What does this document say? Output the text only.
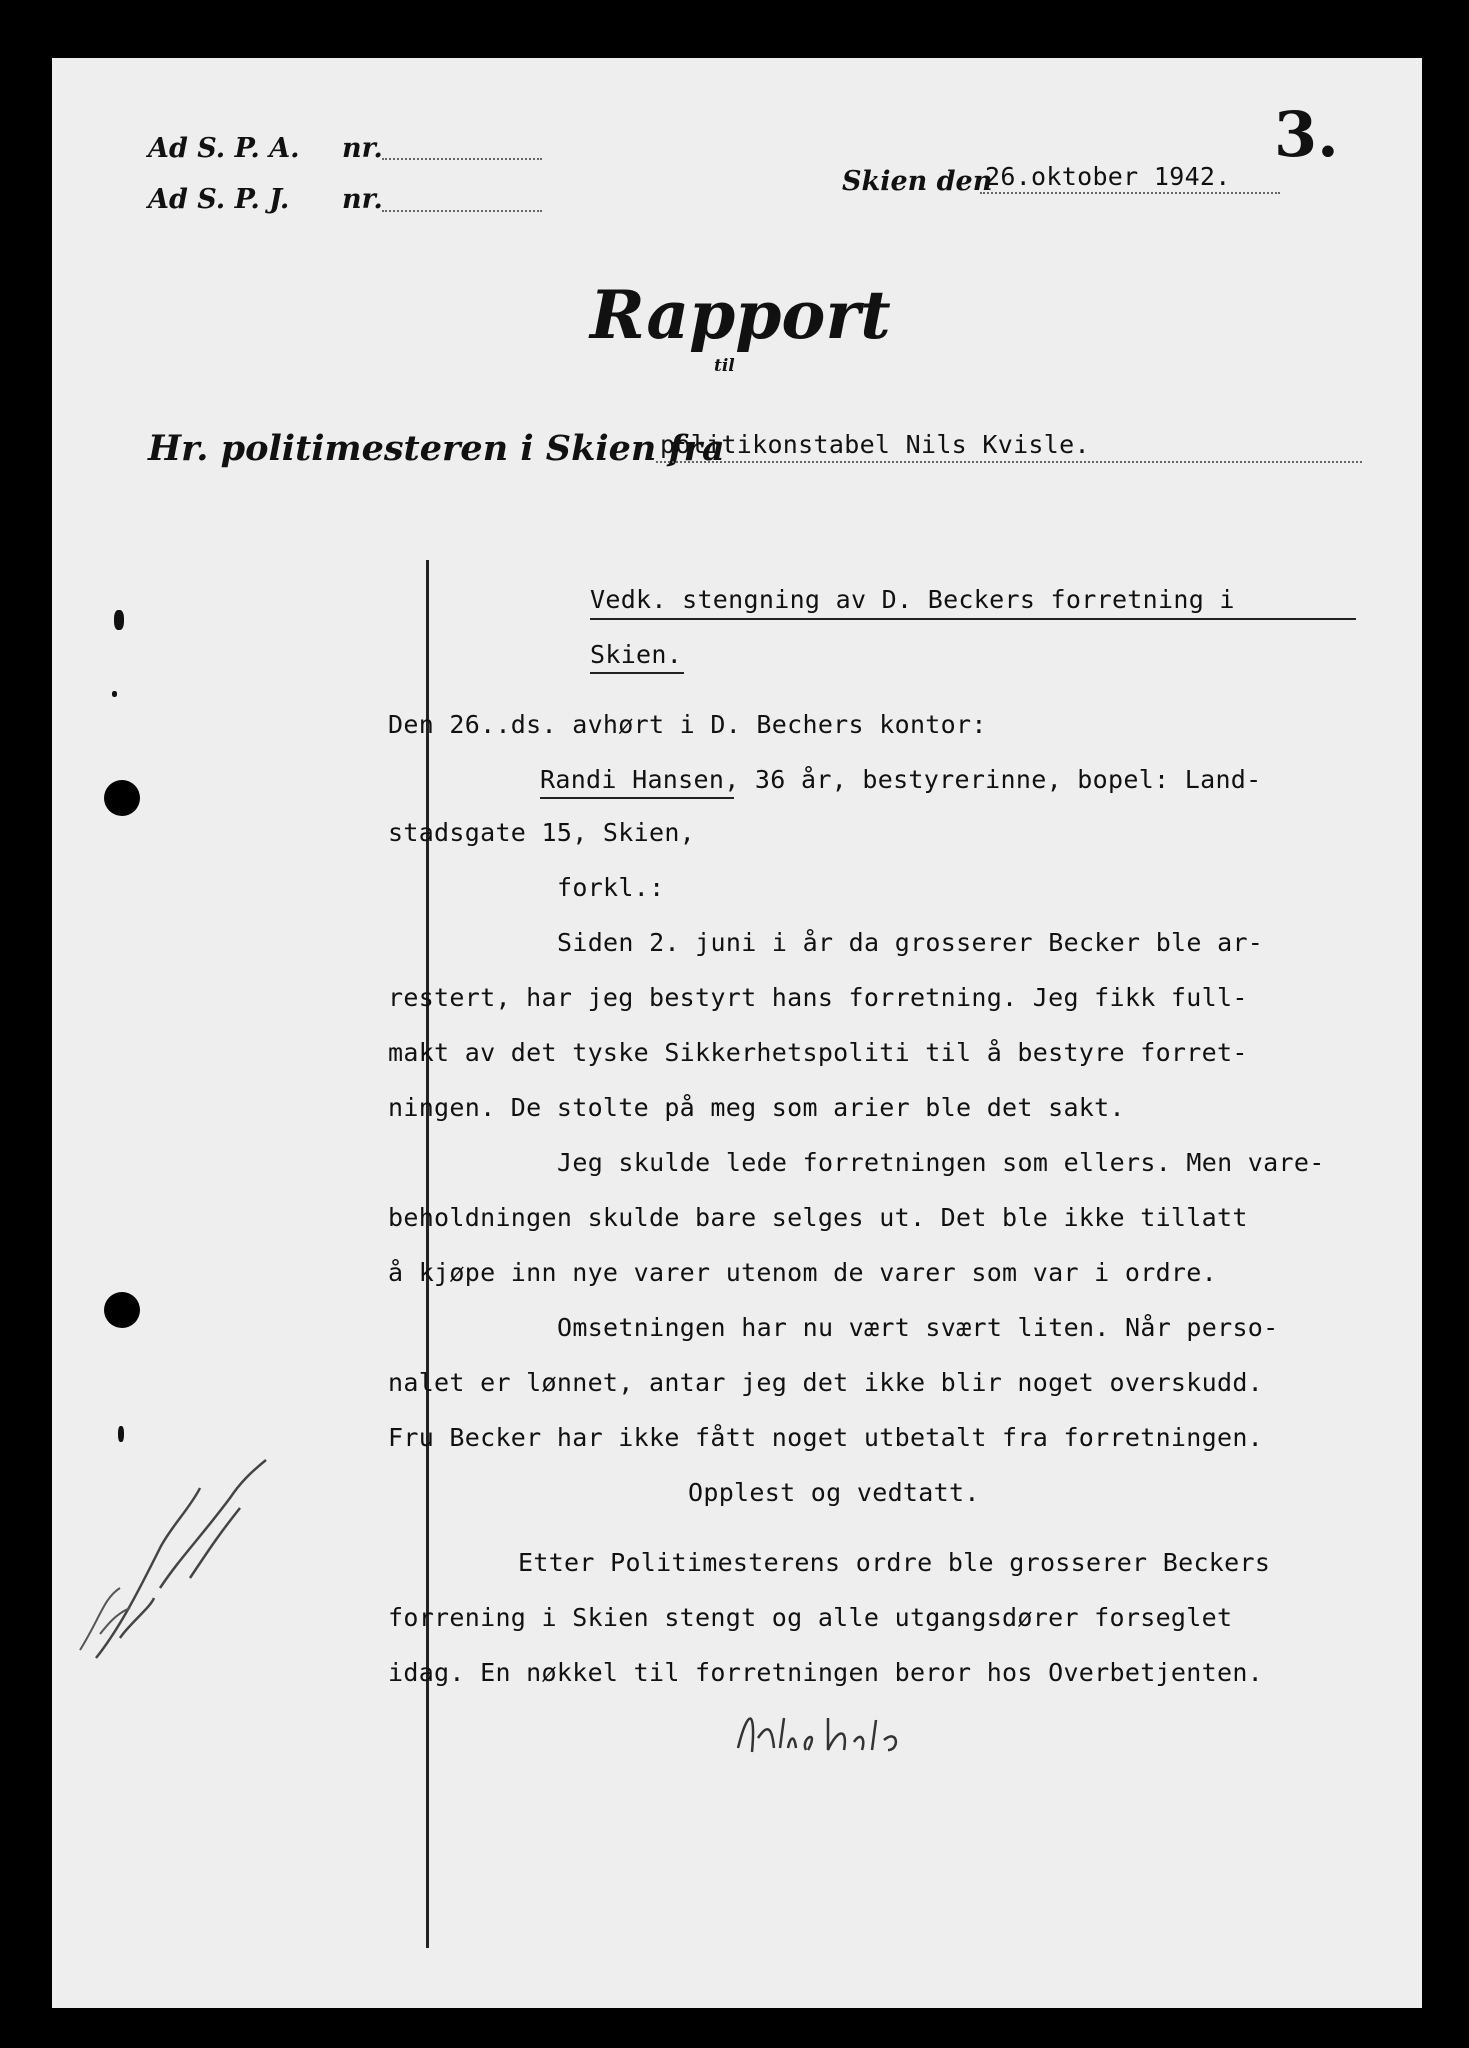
3.
Ad S. P. A. nr.
Ad S. P. J. nr.
Skien den
26.oktober 1942.
Rapport
til
Hr. politimesteren i Skien fra
politikonstabel Nils Kvisle.
Vedk. stengning av D. Beckers forretning i
Skien.
Den 26..ds. avhørt i D. Bechers kontor:
Randi Hansen, 36 år, bestyrerinne, bopel: Land-
stadsgate 15, Skien,
forkl.:
Siden 2. juni i år da grosserer Becker ble ar-
restert, har jeg bestyrt hans forretning. Jeg fikk full-
makt av det tyske Sikkerhetspoliti til å bestyre forret-
ningen. De stolte på meg som arier ble det sakt.
Jeg skulde lede forretningen som ellers. Men vare-
beholdningen skulde bare selges ut. Det ble ikke tillatt
å kjøpe inn nye varer utenom de varer som var i ordre.
Omsetningen har nu vært svært liten. Når perso-
nalet er lønnet, antar jeg det ikke blir noget overskudd.
Fru Becker har ikke fått noget utbetalt fra forretningen.
Opplest og vedtatt.
Etter Politimesterens ordre ble grosserer Beckers
forrening i Skien stengt og alle utgangsdører forseglet
idag. En nøkkel til forretningen beror hos Overbetjenten.
